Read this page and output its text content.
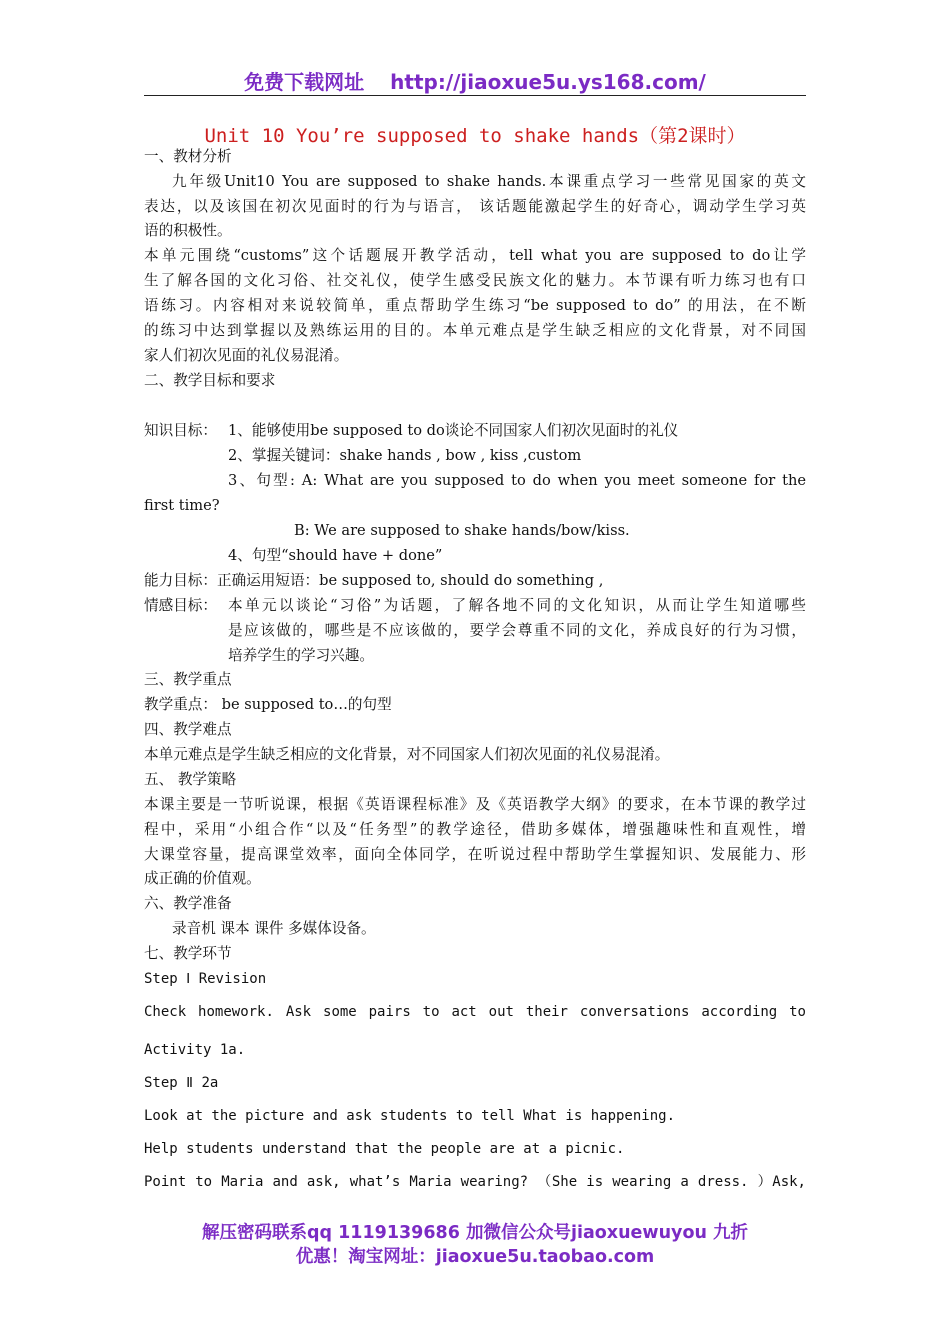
免费下载网址 http://jiaoxue5u.ys168.com/
Unit 10 You’re supposed to shake hands（第2课时）
一、教材分析
九年级Unit10 You are supposed to shake hands.本课重点学习一些常见国家的英文
表达，以及该国在初次见面时的行为与语言， 该话题能激起学生的好奇心，调动学生学习英
语的积极性。
本单元围绕“customs”这个话题展开教学活动，tell what you are supposed to do让学
生了解各国的文化习俗、社交礼仪，使学生感受民族文化的魅力。本节课有听力练习也有口
语练习。内容相对来说较简单，重点帮助学生练习“be supposed to do” 的用法，在不断
的练习中达到掌握以及熟练运用的目的。本单元难点是学生缺乏相应的文化背景，对不同国
家人们初次见面的礼仪易混淆。
二、教学目标和要求
知识目标： 1、能够使用be supposed to do谈论不同国家人们初次见面时的礼仪
2、掌握关键词：shake hands , bow , kiss ,custom
3、句型: A: What are you supposed to do when you meet someone for the
first time?
B: We are supposed to shake hands/bow/kiss.
4、句型“should have + done”
能力目标：正确运用短语：be supposed to, should do something ,
情感目标： 本单元以谈论“习俗”为话题，了解各地不同的文化知识，从而让学生知道哪些
是应该做的，哪些是不应该做的，要学会尊重不同的文化，养成良好的行为习惯，
培养学生的学习兴趣。
三、教学重点
教学重点： be supposed to…的句型
四、教学难点
本单元难点是学生缺乏相应的文化背景，对不同国家人们初次见面的礼仪易混淆。
五、 教学策略
本课主要是一节听说课，根据《英语课程标准》及《英语教学大纲》的要求，在本节课的教学过
程中，采用“小组合作“以及“任务型”的教学途径，借助多媒体，增强趣味性和直观性，增
大课堂容量，提高课堂效率，面向全体同学，在听说过程中帮助学生掌握知识、发展能力、形
成正确的价值观。
六、教学准备
录音机 课本 课件 多媒体设备。
七、教学环节
Step Ⅰ Revision
Check homework. Ask some pairs to act out their conversations according to
Activity 1a.
Step Ⅱ 2a
Look at the picture and ask students to tell What is happening.
Help students understand that the people are at a picnic.
Point to Maria and ask, what’s Maria wearing? （She is wearing a dress. ）Ask,
解压密码联系qq 1119139686 加微信公众号jiaoxuewuyou 九折
优惠！淘宝网址：jiaoxue5u.taobao.com
